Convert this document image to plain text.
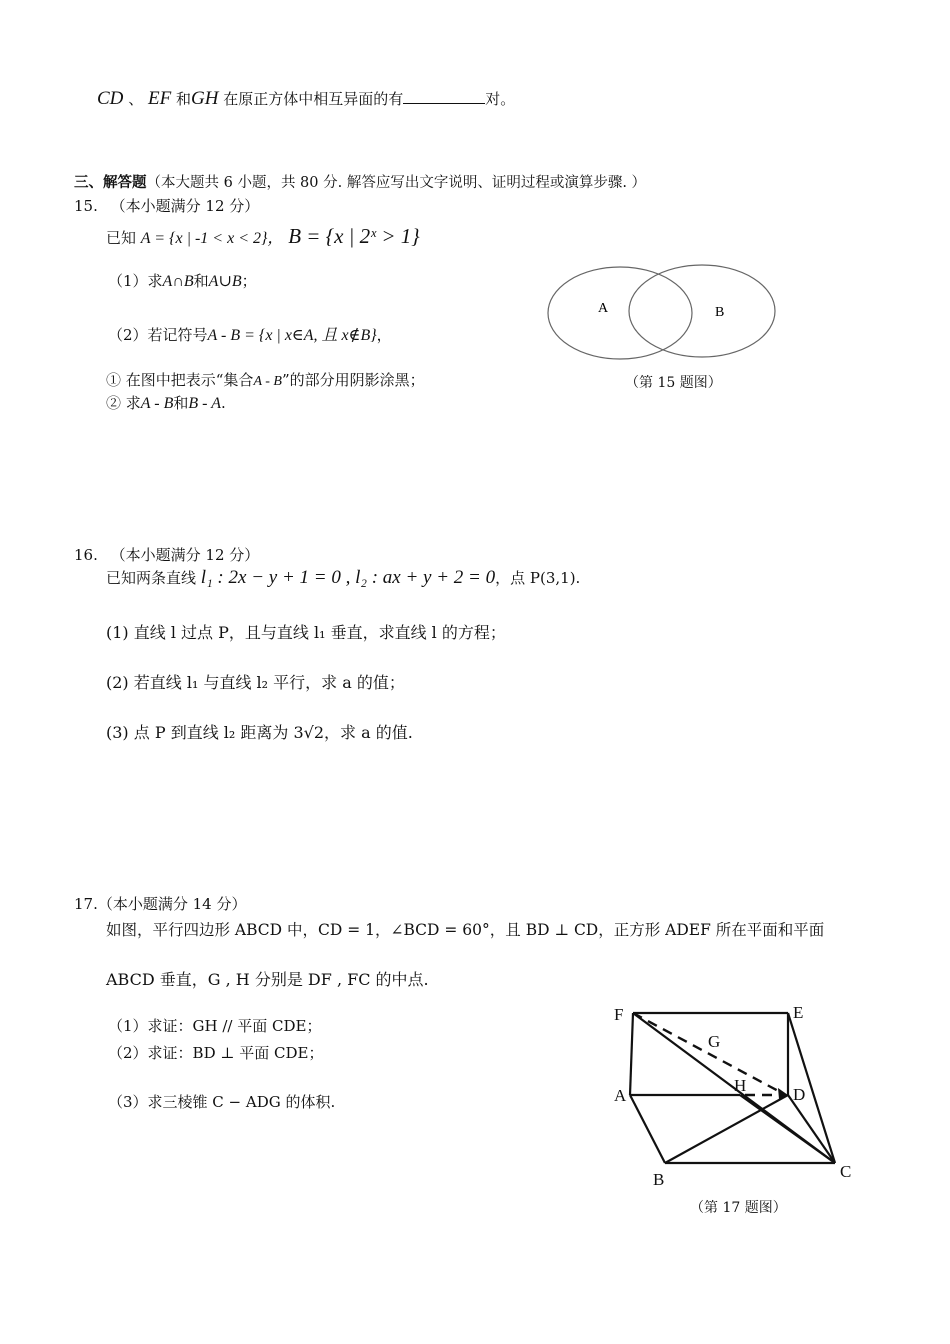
CD 、 EF 和GH 在原正方体中相互异面的有	对。
三、解答题（本大题共 6 小题，共 80 分. 解答应写出文字说明、证明过程或演算步骤. ）
15. （本小题满分 12 分）
已知 A = {x | -1 < x < 2}， B = {x | 2ˣ > 1}
（1）求A∩B和A∪B；
（2）若记符号A - B = {x | x∈A, 且 x∉B}，
① 在图中把表示“集合A - B”的部分用阴影涂黑；
② 求A - B和B - A.
A	B
（第 15 题图）
16. （本小题满分 12 分）
已知两条直线 l₁ : 2x − y + 1 = 0 , l₂ : ax + y + 2 = 0，点 P(3,1).
(1) 直线 l 过点 P，且与直线 l₁ 垂直，求直线 l 的方程；
(2) 若直线 l₁ 与直线 l₂ 平行，求 a 的值；
(3) 点 P 到直线 l₂ 距离为 3√2，求 a 的值.
17.（本小题满分 14 分）
如图，平行四边形 ABCD 中，CD = 1，∠BCD = 60°，且 BD ⊥ CD，正方形 ADEF 所在平面和平面
ABCD 垂直，G , H 分别是 DF , FC 的中点.
（1）求证：GH // 平面 CDE；
（2）求证：BD ⊥ 平面 CDE；
（3）求三棱锥 C − ADG 的体积.
F	E
G
A
H	D
B	C
（第 17 题图）
